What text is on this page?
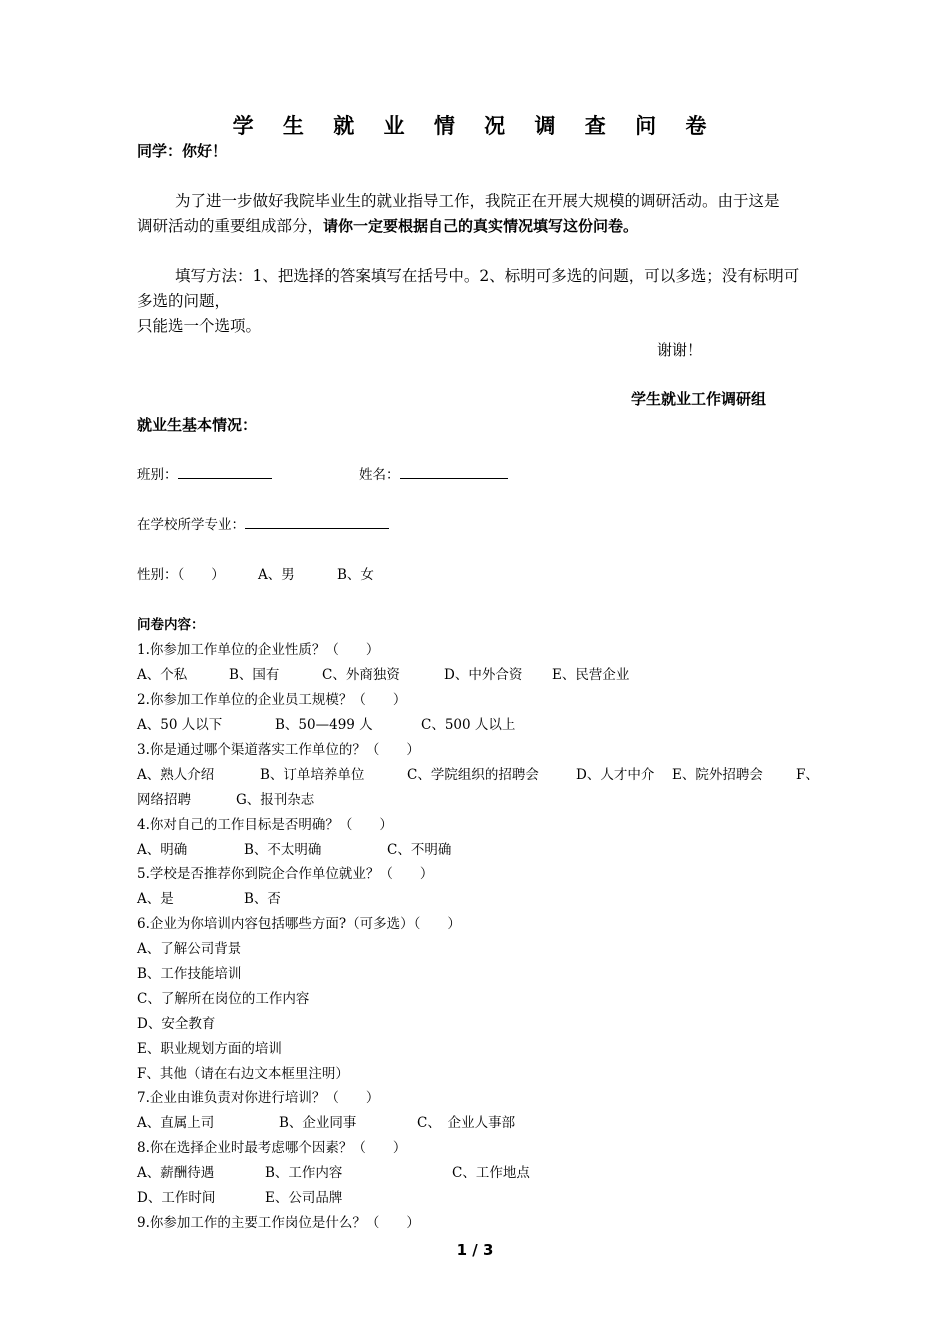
学 生 就 业 情 况 调 查 问 卷
同学：你好！
为了进一步做好我院毕业生的就业指导工作，我院正在开展大规模的调研活动。由于这是
调研活动的重要组成部分，请你一定要根据自己的真实情况填写这份问卷。
填写方法：1、把选择的答案填写在括号中。2、标明可多选的问题，可以多选；没有标明可
多选的问题，
只能选一个选项。
谢谢！
学生就业工作调研组
就业生基本情况：
班别：	姓名：
在学校所学专业：
性别：（　　） A、男	B、女
问卷内容：
1.你参加工作单位的企业性质？（　　）
A、个私	B、国有	C、外商独资	D、中外合资 E、民营企业
2.你参加工作单位的企业员工规模？（　　）
A、50 人以下	B、50—499 人	C、500 人以上
3.你是通过哪个渠道落实工作单位的？（　　）
A、熟人介绍	B、订单培养单位	C、学院组织的招聘会	D、人才中介 E、院外招聘会 F、
网络招聘	G、报刊杂志
4.你对自己的工作目标是否明确？（　　）
A、明确	B、不太明确	C、不明确
5.学校是否推荐你到院企合作单位就业？（　　）
A、是	B、否
6.企业为你培训内容包括哪些方面?（可多选）（　　）
A、了解公司背景
B、工作技能培训
C、了解所在岗位的工作内容
D、安全教育
E、职业规划方面的培训
F、其他（请在右边文本框里注明）
7.企业由谁负责对你进行培训？（　　）
A、直属上司	B、企业同事	C、　企业人事部
8.你在选择企业时最考虑哪个因素？（　　）
A、薪酬待遇	B、工作内容	C、工作地点
D、工作时间	E、公司品牌
9.你参加工作的主要工作岗位是什么？（　　）
1 / 3
